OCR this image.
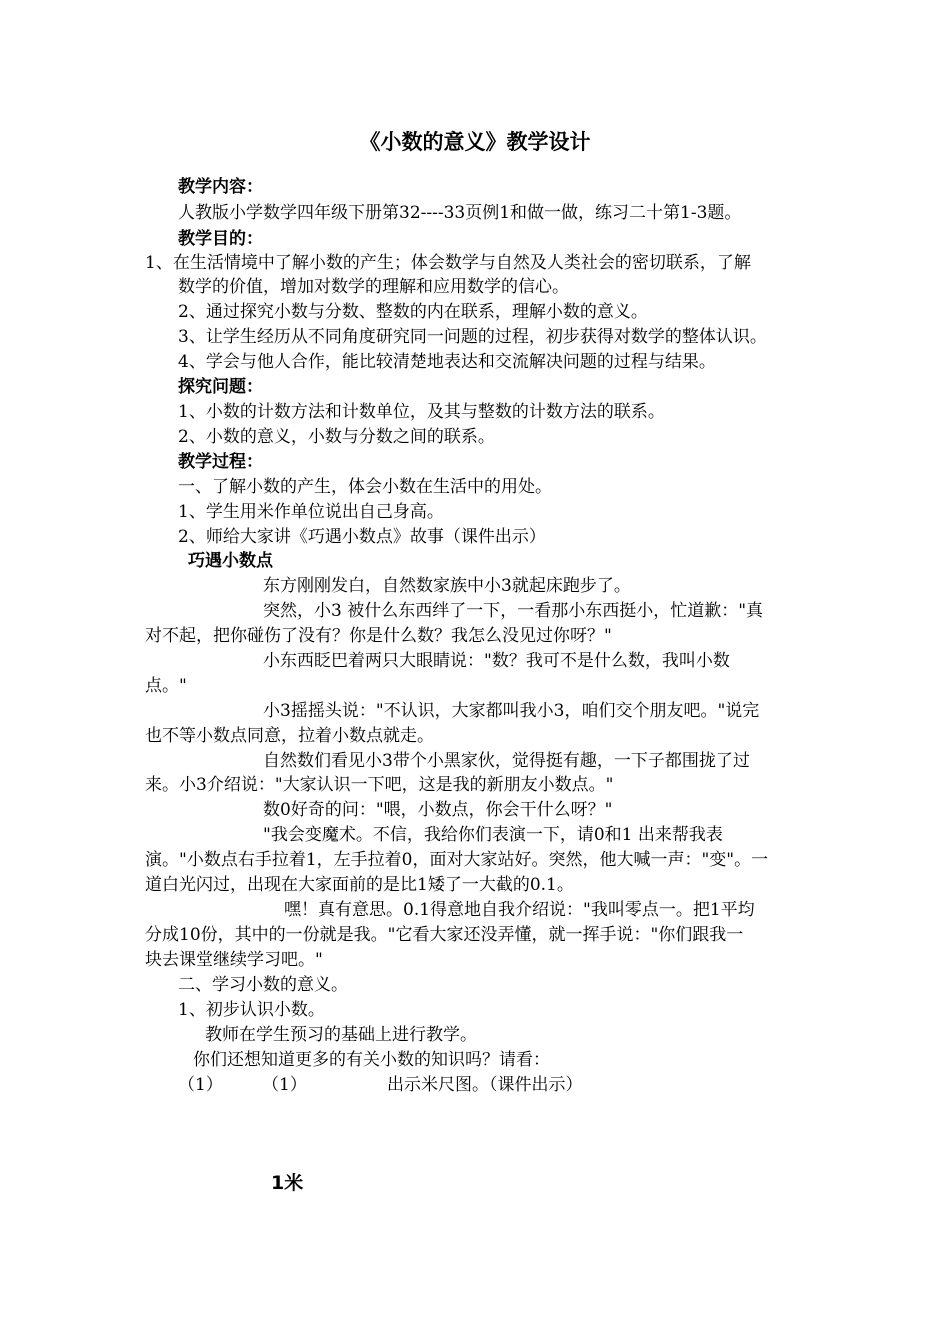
《小数的意义》教学设计
教学内容：
人教版小学数学四年级下册第32----33页例1和做一做，练习二十第1-3题。
教学目的：
1、在生活情境中了解小数的产生；体会数学与自然及人类社会的密切联系，了解
数学的价值，增加对数学的理解和应用数学的信心。
2、通过探究小数与分数、整数的内在联系，理解小数的意义。
3、让学生经历从不同角度研究同一问题的过程，初步获得对数学的整体认识。
4、学会与他人合作，能比较清楚地表达和交流解决问题的过程与结果。
探究问题：
1、小数的计数方法和计数单位，及其与整数的计数方法的联系。
2、小数的意义，小数与分数之间的联系。
教学过程：
一、了解小数的产生，体会小数在生活中的用处。
1、学生用米作单位说出自己身高。
2、师给大家讲《巧遇小数点》故事（课件出示）
巧遇小数点
东方刚刚发白，自然数家族中小3就起床跑步了。
突然，小3 被什么东西绊了一下，一看那小东西挺小，忙道歉："真
对不起，把你碰伤了没有？你是什么数？我怎么没见过你呀？"
小东西眨巴着两只大眼睛说："数？我可不是什么数，我叫小数
点。"
小3摇摇头说："不认识，大家都叫我小3，咱们交个朋友吧。"说完
也不等小数点同意，拉着小数点就走。
自然数们看见小3带个小黑家伙，觉得挺有趣，一下子都围拢了过
来。小3介绍说："大家认识一下吧，这是我的新朋友小数点。"
数0好奇的问："喂，小数点，你会干什么呀？"
"我会变魔术。不信，我给你们表演一下，请0和1 出来帮我表
演。"小数点右手拉着1，左手拉着0，面对大家站好。突然，他大喊一声："变"。一
道白光闪过，出现在大家面前的是比1矮了一大截的0.1。
嘿！真有意思。0.1得意地自我介绍说："我叫零点一。把1平均
分成10份，其中的一份就是我。"它看大家还没弄懂，就一挥手说："你们跟我一
块去课堂继续学习吧。"
二、学习小数的意义。
1、初步认识小数。
教师在学生预习的基础上进行教学。
你们还想知道更多的有关小数的知识吗？请看：
（1） （1）	出示米尺图。（课件出示）
1米
